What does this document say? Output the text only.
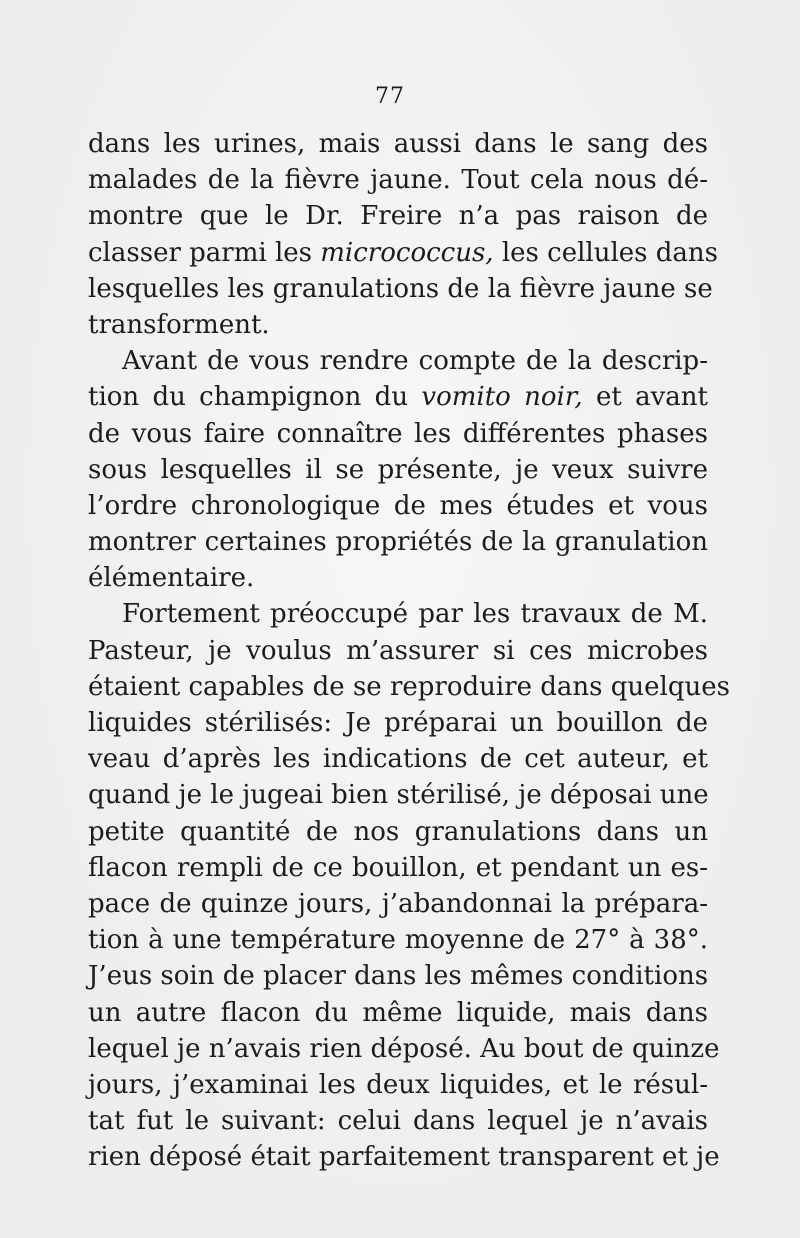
77
dans les urines, mais aussi dans le sang des
malades de la fièvre jaune. Tout cela nous dé-
montre que le Dr. Freire n’a pas raison de
classer parmi les micrococcus, les cellules dans
lesquelles les granulations de la fièvre jaune se
transforment.
Avant de vous rendre compte de la descrip-
tion du champignon du vomito noir, et avant
de vous faire connaître les différentes phases
sous lesquelles il se présente, je veux suivre
l’ordre chronologique de mes études et vous
montrer certaines propriétés de la granulation
élémentaire.
Fortement préoccupé par les travaux de M.
Pasteur, je voulus m’assurer si ces microbes
étaient capables de se reproduire dans quelques
liquides stérilisés: Je préparai un bouillon de
veau d’après les indications de cet auteur, et
quand je le jugeai bien stérilisé, je déposai une
petite quantité de nos granulations dans un
flacon rempli de ce bouillon, et pendant un es-
pace de quinze jours, j’abandonnai la prépara-
tion à une température moyenne de 27° à 38°.
J’eus soin de placer dans les mêmes conditions
un autre flacon du même liquide, mais dans
lequel je n’avais rien déposé. Au bout de quinze
jours, j’examinai les deux liquides, et le résul-
tat fut le suivant: celui dans lequel je n’avais
rien déposé était parfaitement transparent et je
